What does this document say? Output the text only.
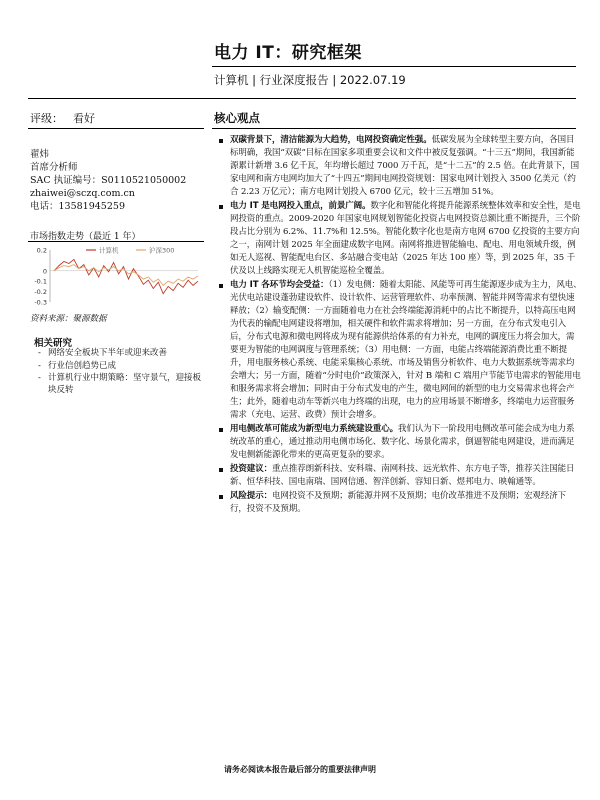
电力 IT：研究框架
计算机 | 行业深度报告 | 2022.07.19
评级： 看好	核心观点
翟炜
首席分析师
SAC 执证编号：S0110521050002
zhaiwei@sczq.com.cn
电话：13581945259
市场指数走势（最近 1 年）
0.2
0
-0.1
-0.2
-0.3
计算机	沪深300
资料来源：聚源数据
相关研究
- 网络安全板块下半年或迎来改善
- 行业信创趋势已成
- 计算机行业中期策略：坚守景气，迎接板块反转
双碳背景下，清洁能源为大趋势，电网投资确定性强。低碳发展为全球转型主要方向，各国目标明确，我国“双碳”目标在国家多项重要会议和文件中被反复强调。“十三五”期间，我国新能源累计新增 3.6 亿千瓦，年均增长超过 7000 万千瓦，是“十二五”的 2.5 倍。在此背景下，国家电网和南方电网均加大了“十四五”期间电网投资规划：国家电网计划投入 3500 亿美元（约合 2.23 万亿元）；南方电网计划投入 6700 亿元，较十三五增加 51%。
电力 IT 是电网投入重点，前景广阔。数字化和智能化将提升能源系统整体效率和安全性，是电网投资的重点。2009-2020 年国家电网规划智能化投资占电网投资总额比重不断提升，三个阶段占比分别为 6.2%、11.7%和 12.5%。智能化数字化也是南方电网 6700 亿投资的主要方向之一，南网计划 2025 年全面建成数字电网。南网将推进智能输电、配电、用电领域升级，例如无人巡视、智能配电台区、多站融合变电站（2025 年达 100 座）等，到 2025 年，35 千伏及以上线路实现无人机智能巡检全覆盖。
电力 IT 各环节均会受益：（1）发电侧：随着太阳能、风能等可再生能源逐步成为主力，风电、光伏电站建设蓬勃建设软件、设计软件、运营管理软件、功率预测、智能并网等需求有望快速释放；（2）输变配侧：一方面随着电力在社会终端能源消耗中的占比不断提升，以特高压电网为代表的输配电网建设将增加，相关硬件和软件需求将增加；另一方面，在分布式发电引入后，分布式电源和微电网将成为现有能源供给体系的有力补充，电网的调度压力将会加大，需要更为智能的电网调度与管理系统；（3）用电侧：一方面，电能占终端能源消费比重不断提升，用电服务核心系统、电能采集核心系统、市场及销售分析软件、电力大数据系统等需求均会增大；另一方面，随着“分时电价”政策深入，针对 B 端和 C 端用户节能节电需求的智能用电和服务需求将会增加；同时由于分布式发电的产生，微电网间的新型的电力交易需求也将会产生；此外，随着电动车等新兴电力终端的出现，电力的应用场景不断增多，终端电力运营服务需求（充电、运营、政费）预计会增多。
用电侧改革可能成为新型电力系统建设重心。我们认为下一阶段用电侧改革可能会成为电力系统改革的重心，通过推动用电侧市场化、数字化、场景化需求，倒逼智能电网建设，进而满足发电侧新能源化带来的更高更复杂的要求。
投资建议：重点推荐朗新科技、安科瑞、南网科技、远光软件、东方电子等，推荐关注国能日新、恒华科技、国电南瑞、国网信通、智洋创新、容知日新、煜邦电力、映翰通等。
风险提示：电网投资不及预期；新能源并网不及预期；电价改革推进不及预期；宏观经济下行，投资不及预期。
请务必阅读本报告最后部分的重要法律声明
